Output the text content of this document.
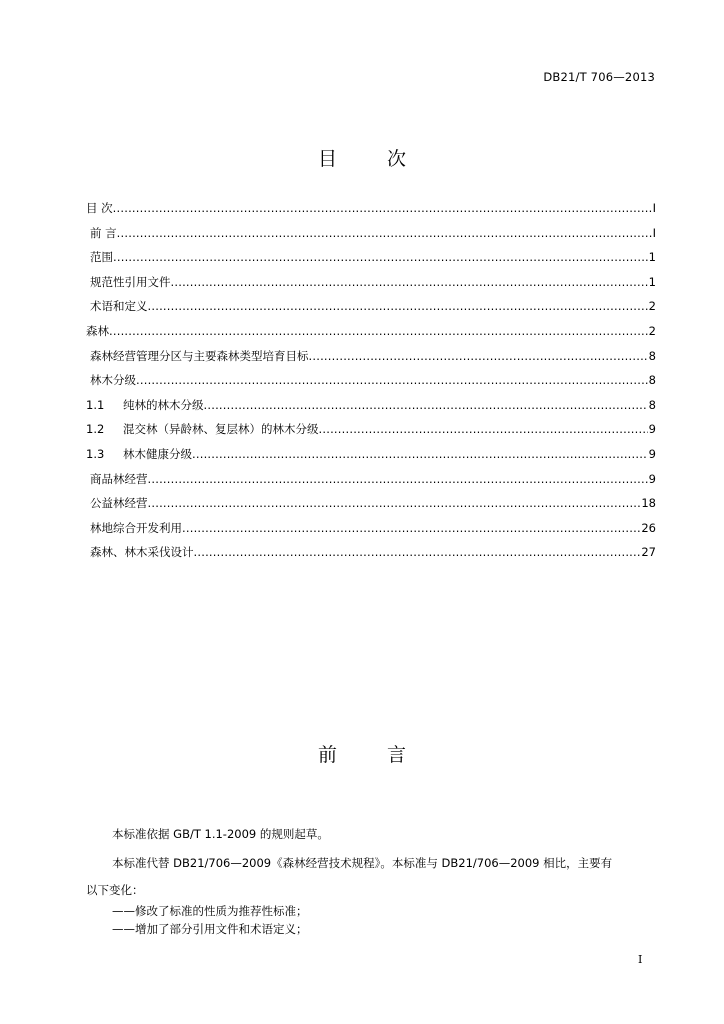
DB21/T 706—2013
目 次
目 次 .....	I
前 言 .....	I
范围 .....	1
规范性引用文件 .....	1
术语和定义 .....	2
森林 .....	2
森林经营管理分区与主要森林类型培育目标 .....	8
林木分级 .....	8
1.1 纯林的林木分级 .....	8
1.2 混交林（异龄林、复层林）的林木分级 .....	9
1.3 林木健康分级 .....	9
商品林经营 .....	9
公益林经营 .....	18
林地综合开发利用 .....	26
森林、林木采伐设计 .....	27
前 言
本标准依据 GB/T 1.1-2009 的规则起草。
本标准代替 DB21/706—2009《森林经营技术规程》。本标准与 DB21/706—2009 相比，主要有
以下变化：
——修改了标准的性质为推荐性标准；
——增加了部分引用文件和术语定义；
I
